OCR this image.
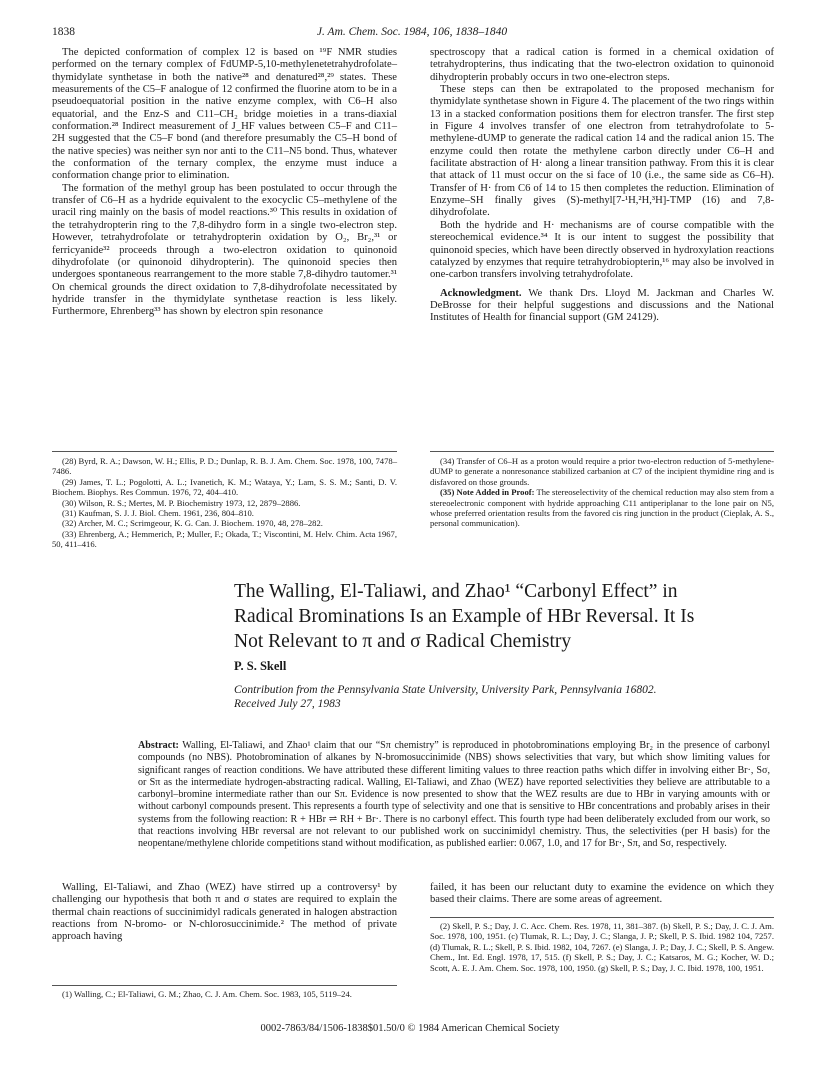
1838	J. Am. Chem. Soc. 1984, 106, 1838–1840

The depicted conformation of complex 12 is based on ¹⁹F NMR studies performed on the ternary complex of FdUMP-5,10-methylenetetrahydrofolate–thymidylate synthetase in both the native²⁸ and denatured²⁸,²⁹ states. These measurements of the C5–F analogue of 12 confirmed the fluorine atom to be in a pseudoequatorial position in the native enzyme complex, with C6–H also equatorial, and the Enz-S and C11–CH₂ bridge moieties in a trans-diaxial conformation.²⁸ Indirect measurement of J_HF values between C5–F and C11–2H suggested that the C5–F bond (and therefore presumably the C5–H bond of the native species) was neither syn nor anti to the C11–N5 bond. Thus, whatever the conformation of the ternary complex, the enzyme must induce a conformation change prior to elimination.

The formation of the methyl group has been postulated to occur through the transfer of C6–H as a hydride equivalent to the exocyclic C5–methylene of the uracil ring mainly on the basis of model reactions.³⁰ This results in oxidation of the tetrahydropterin ring to the 7,8-dihydro form in a single two-electron step. However, tetrahydrofolate or tetrahydropterin oxidation by O₂, Br₂,³¹ or ferricyanide³² proceeds through a two-electron oxidation to quinonoid dihydrofolate (or quinonoid dihydropterin). The quinonoid species then undergoes spontaneous rearrangement to the more stable 7,8-dihydro tautomer.³¹ On chemical grounds the direct oxidation to 7,8-dihydrofolate necessitated by hydride transfer in the thymidylate synthetase reaction is less likely. Furthermore, Ehrenberg³³ has shown by electron spin resonance

spectroscopy that a radical cation is formed in a chemical oxidation of tetrahydropterins, thus indicating that the two-electron oxidation to quinonoid dihydropterin probably occurs in two one-electron steps.

These steps can then be extrapolated to the proposed mechanism for thymidylate synthetase shown in Figure 4. The placement of the two rings within 13 in a stacked conformation positions them for electron transfer. The first step in Figure 4 involves transfer of one electron from tetrahydrofolate to 5-methylene-dUMP to generate the radical cation 14 and the radical anion 15. The enzyme could then rotate the methylene carbon directly under C6–H and facilitate abstraction of H· along a linear transition pathway. From this it is clear that attack of 11 must occur on the si face of 10 (i.e., the same side as C6–H). Transfer of H· from C6 of 14 to 15 then completes the reduction. Elimination of Enzyme–SH finally gives (S)-methyl[7-¹H,²H,³H]-TMP (16) and 7,8-dihydrofolate.

Both the hydride and H· mechanisms are of course compatible with the stereochemical evidence.³⁴ It is our intent to suggest the possibility that quinonoid species, which have been directly observed in hydroxylation reactions catalyzed by enzymes that require tetrahydrobiopterin,¹⁶ may also be involved in one-carbon transfers involving tetrahydrofolate.

Acknowledgment. We thank Drs. Lloyd M. Jackman and Charles W. DeBrosse for their helpful suggestions and discussions and the National Institutes of Health for financial support (GM 24129).

(28) Byrd, R. A.; Dawson, W. H.; Ellis, P. D.; Dunlap, R. B. J. Am. Chem. Soc. 1978, 100, 7478–7486.

(29) James, T. L.; Pogolotti, A. L.; Ivanetich, K. M.; Wataya, Y.; Lam, S. S. M.; Santi, D. V. Biochem. Biophys. Res Commun. 1976, 72, 404–410.

(30) Wilson, R. S.; Mertes, M. P. Biochemistry 1973, 12, 2879–2886.

(31) Kaufman, S. J. J. Biol. Chem. 1961, 236, 804–810.

(32) Archer, M. C.; Scrimgeour, K. G. Can. J. Biochem. 1970, 48, 278–282.

(33) Ehrenberg, A.; Hemmerich, P.; Muller, F.; Okada, T.; Viscontini, M. Helv. Chim. Acta 1967, 50, 411–416.

(34) Transfer of C6–H as a proton would require a prior two-electron reduction of 5-methylene-dUMP to generate a nonresonance stabilized carbanion at C7 of the incipient thymidine ring and is disfavored on those grounds.

(35) Note Added in Proof: The stereoselectivity of the chemical reduction may also stem from a stereoelectronic component with hydride approaching C11 antiperiplanar to the lone pair on N5, whose preferred orientation results from the favored cis ring junction in the product (Cieplak, A. S., personal communication).

The Walling, El-Taliawi, and Zhao¹ “Carbonyl Effect” in
Radical Brominations Is an Example of HBr Reversal. It Is
Not Relevant to π and σ Radical Chemistry
P. S. Skell
Contribution from the Pennsylvania State University, University Park, Pennsylvania 16802.
Received July 27, 1983
Abstract: Walling, El-Taliawi, and Zhao¹ claim that our “Sπ chemistry” is reproduced in photobrominations employing Br₂ in the presence of carbonyl compounds (no NBS). Photobromination of alkanes by N-bromosuccinimide (NBS) shows selectivities that vary, but which show limiting values for significant ranges of reaction conditions. We have attributed these different limiting values to three reaction paths which differ in involving either Br·, Sσ, or Sπ as the intermediate hydrogen-abstracting radical. Walling, El-Taliawi, and Zhao (WEZ) have reported selectivities they believe are attributable to a carbonyl–bromine intermediate rather than our Sπ. Evidence is now presented to show that the WEZ results are due to HBr in varying amounts with or without carbonyl compounds present. This represents a fourth type of selectivity and one that is sensitive to HBr concentrations and probably arises in their systems from the following reaction: R + HBr ⇌ RH + Br·. There is no carbonyl effect. This fourth type had been deliberately excluded from our work, so that reactions involving HBr reversal are not relevant to our published work on succinimidyl chemistry. Thus, the selectivities (per H basis) for the neopentane/methylene chloride competitions stand without modification, as published earlier: 0.067, 1.0, and 17 for Br·, Sπ, and Sσ, respectively.

Walling, El-Taliawi, and Zhao (WEZ) have stirred up a controversy¹ by challenging our hypothesis that both π and σ states are required to explain the thermal chain reactions of succinimidyl radicals generated in halogen abstraction reactions from N-bromo- or N-chlorosuccinimide.² The method of private approach having

failed, it has been our reluctant duty to examine the evidence on which they based their claims. There are some areas of agreement.

(1) Walling, C.; El-Taliawi, G. M.; Zhao, C. J. Am. Chem. Soc. 1983, 105, 5119–24.

(2) Skell, P. S.; Day, J. C. Acc. Chem. Res. 1978, 11, 381–387. (b) Skell, P. S.; Day, J. C. J. Am. Soc. 1978, 100, 1951. (c) Tlumak, R. L.; Day, J. C.; Slanga, J. P.; Skell, P. S. Ibid. 1982 104, 7257. (d) Tlumak, R. L.; Skell, P. S. Ibid. 1982, 104, 7267. (e) Slanga, J. P.; Day, J. C.; Skell, P. S. Angew. Chem., Int. Ed. Engl. 1978, 17, 515. (f) Skell, P. S.; Day, J. C.; Katsaros, M. G.; Kocher, W. D.; Scott, A. E. J. Am. Chem. Soc. 1978, 100, 1950. (g) Skell, P. S.; Day, J. C. Ibid. 1978, 100, 1951.

0002-7863/84/1506-1838$01.50/0 © 1984 American Chemical Society
